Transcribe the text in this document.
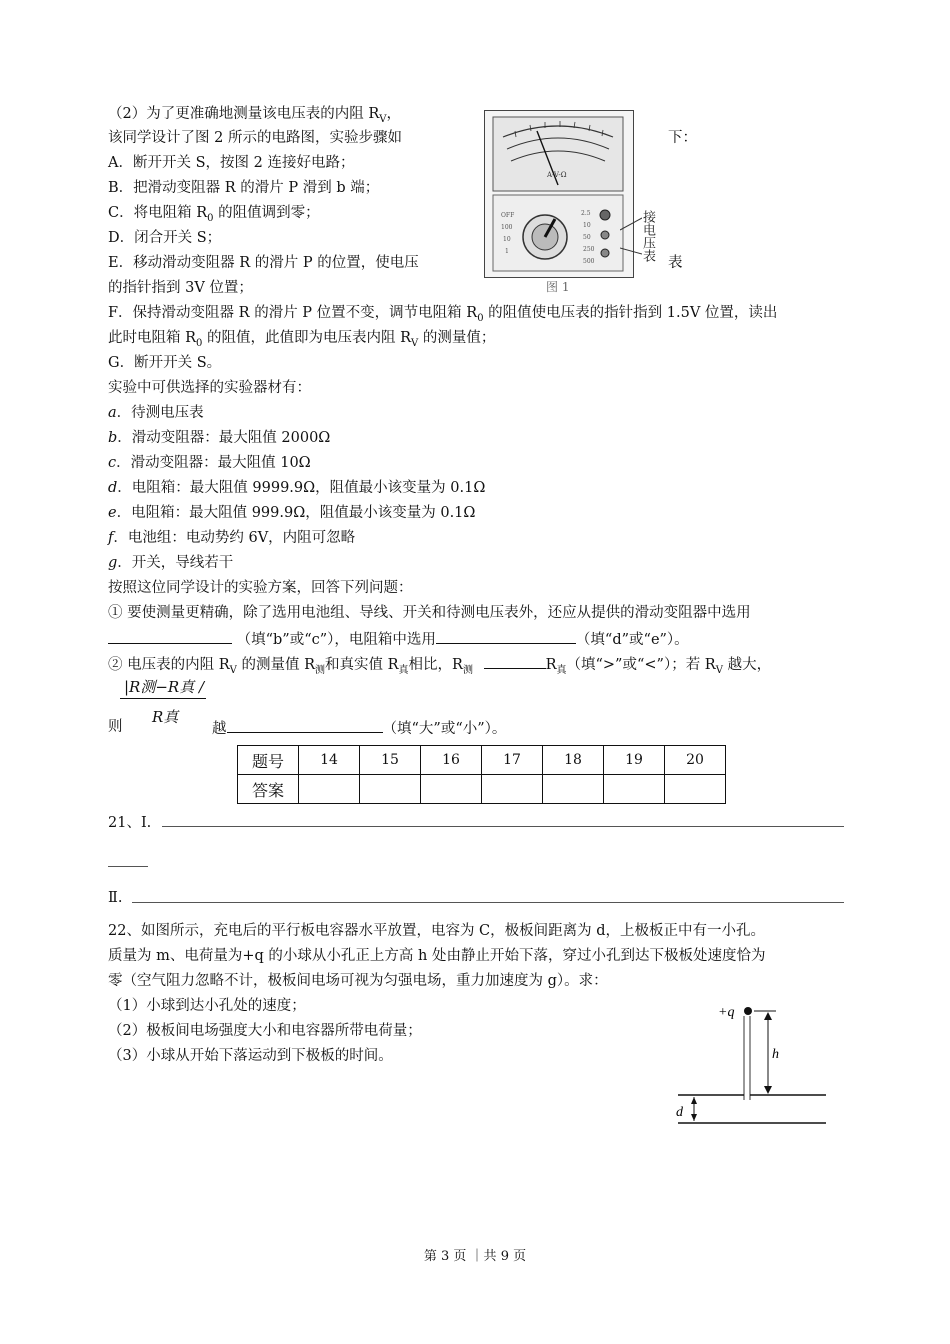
（2）为了更准确地测量该电压表的内阻 $R_V$，
该同学设计了图 2 所示的电路图，实验步骤如	下：
A．断开开关 S，按图 2 连接好电路；
B．把滑动变阻器 R 的滑片 P 滑到 b 端；
C．将电阻箱 $R_0$ 的阻值调到零；
D．闭合开关 S；
E．移动滑动变阻器 R 的滑片 P 的位置，使电压	表
的指针指到 3V 位置；
F．保持滑动变阻器 R 的滑片 P 位置不变，调节电阻箱 $R_0$ 的阻值使电压表的指针指到 1.5V 位置，读出
此时电阻箱 $R_0$ 的阻值，此值即为电压表内阻 $R_V$ 的测量值；
G．断开开关 S。
A-V-Ω
OFF
100
10
1
2.5
10
50
250
500
图 1
接电压表
实验中可供选择的实验器材有：
a．待测电压表
b．滑动变阻器：最大阻值 2000Ω
c．滑动变阻器：最大阻值 10Ω
d．电阻箱：最大阻值 9999.9Ω，阻值最小该变量为 0.1Ω
e．电阻箱：最大阻值 999.9Ω，阻值最小该变量为 0.1Ω
f．电池组：电动势约 6V，内阻可忽略
g．开关，导线若干
按照这位同学设计的实验方案，回答下列问题：
① 要使测量更精确，除了选用电池组、导线、开关和待测电压表外，还应从提供的滑动变阻器中选用
（填“b”或“c”），电阻箱中选用	（填“d”或“e”）。
② 电压表的内阻 $R_V$ 的测量值 $R_测$和真实值 $R_真$相比，$R_测$	$R_真$（填“>”或“<”）；若 $R_V$ 越大，
|R测−R真 /
R真
则	越	（填“大”或“小”）。
题号	14	15	16	17	18	19	20
答案							
21、I.
Ⅱ.
22、如图所示，充电后的平行板电容器水平放置，电容为 C，极板间距离为 d，上极板正中有一小孔。
质量为 m、电荷量为+q 的小球从小孔正上方高 h 处由静止开始下落，穿过小孔到达下极板处速度恰为
零（空气阻力忽略不计，极板间电场可视为匀强电场，重力加速度为 g）。求：
（1）小球到达小孔处的速度；
（2）极板间电场强度大小和电容器所带电荷量；
（3）小球从开始下落运动到下极板的时间。
+q
h
d
第 3 页 ｜共 9 页
